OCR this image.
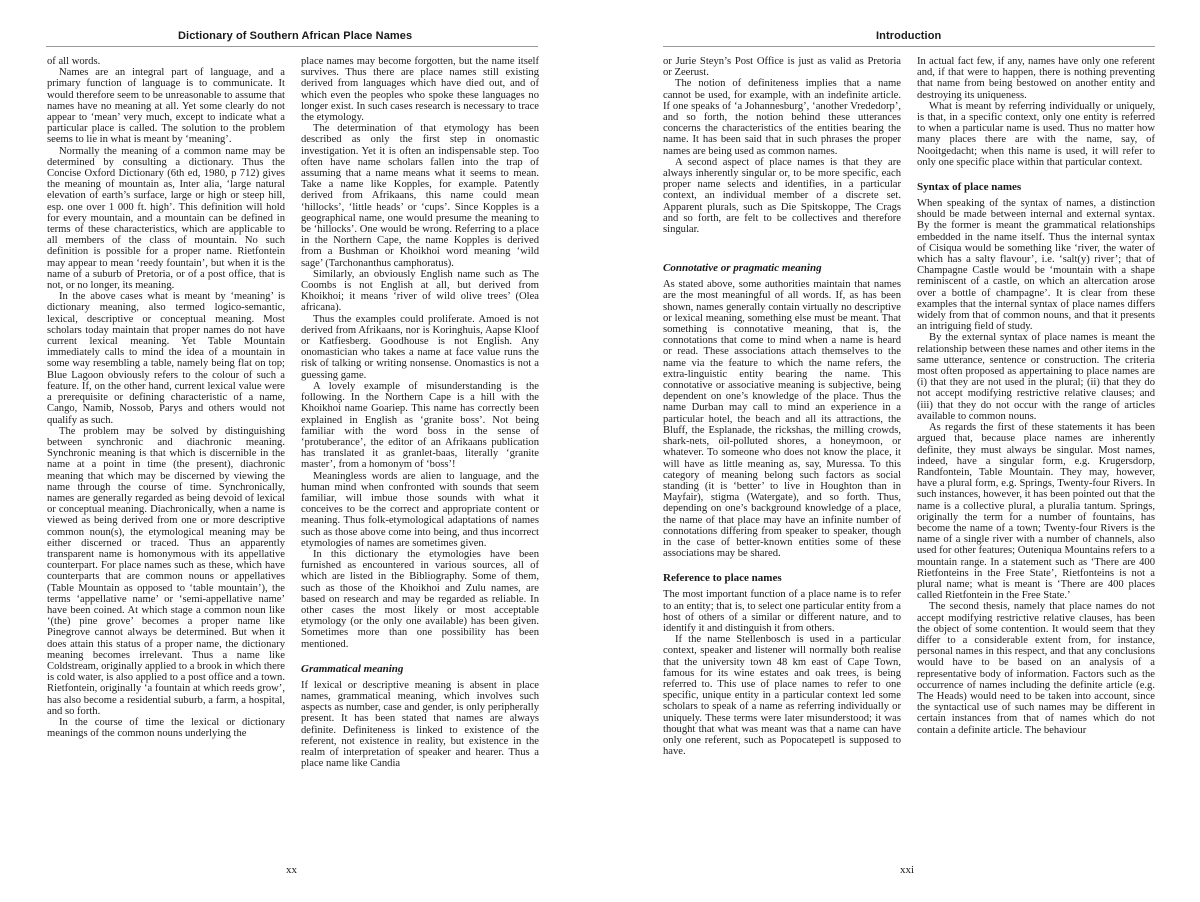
Dictionary of Southern African Place Names

of all words.

Names are an integral part of language, and a primary function of language is to communicate. It would therefore seem to be unreasonable to assume that names have no meaning at all. Yet some clearly do not appear to ‘mean’ very much, except to indicate what a particular place is called. The solution to the problem seems to lie in what is meant by ‘meaning’.

Normally the meaning of a common name may be determined by consulting a dictionary. Thus the Concise Oxford Dictionary (6th ed, 1980, p 712) gives the meaning of mountain as, Inter alia, ‘large natural elevation of earth’s surface, large or high or steep hill, esp. one over 1 000 ft. high’. This definition will hold for every mountain, and a mountain can be defined in terms of these characteristics, which are applicable to all members of the class of mountain. No such definition is possible for a proper name. Rietfontein may appear to mean ‘reedy fountain’, but when it is the name of a suburb of Pretoria, or of a post office, that is not, or no longer, its meaning.

In the above cases what is meant by ‘meaning’ is dictionary meaning, also termed logico-semantic, lexical, descriptive or conceptual meaning. Most scholars today maintain that proper names do not have current lexical meaning. Yet Table Mountain immediately calls to mind the idea of a mountain in some way resembling a table, namely being flat on top; Blue Lagoon obviously refers to the colour of such a feature. If, on the other hand, current lexical value were a prerequisite or defining characteristic of a name, Cango, Namib, Nossob, Parys and others would not qualify as such.

The problem may be solved by distinguishing between synchronic and diachronic meaning. Synchronic meaning is that which is discernible in the name at a point in time (the present), diachronic meaning that which may be discerned by viewing the name through the course of time. Synchronically, names are generally regarded as being devoid of lexical or conceptual meaning. Diachronically, when a name is viewed as being derived from one or more descriptive common noun(s), the etymological meaning may be either discerned or traced. Thus an apparently transparent name is homonymous with its appellative counterpart. For place names such as these, which have counterparts that are common nouns or appellatives (Table Mountain as opposed to ‘table mountain’), the terms ‘appellative name’ or ‘semi-appellative name’ have been coined. At which stage a common noun like ‘(the) pine grove’ becomes a proper name like Pinegrove cannot always be determined. But when it does attain this status of a proper name, the dictionary meaning becomes irrelevant. Thus a name like Coldstream, originally applied to a brook in which there is cold water, is also applied to a post office and a town. Rietfontein, originally ‘a fountain at which reeds grow’, has also become a residential suburb, a farm, a hospital, and so forth.

In the course of time the lexical or dictionary meanings of the common nouns underlying the

place names may become forgotten, but the name itself survives. Thus there are place names still existing derived from languages which have died out, and of which even the peoples who spoke these languages no longer exist. In such cases research is necessary to trace the etymology.

The determination of that etymology has been described as only the first step in onomastic investigation. Yet it is often an indispensable step. Too often have name scholars fallen into the trap of assuming that a name means what it seems to mean. Take a name like Kopples, for example. Patently derived from Afrikaans, this name could mean ‘hillocks’, ‘little heads’ or ‘cups’. Since Kopples is a geographical name, one would presume the meaning to be ‘hillocks’. One would be wrong. Referring to a place in the Northern Cape, the name Kopples is derived from a Bushman or Khoikhoi word meaning ‘wild sage’ (Tarchonanthus camphoratus).

Similarly, an obviously English name such as The Coombs is not English at all, but derived from Khoikhoi; it means ‘river of wild olive trees’ (Olea africana).

Thus the examples could proliferate. Amoed is not derived from Afrikaans, nor is Koringhuis, Aapse Kloof or Katfiesberg. Goodhouse is not English. Any onomastician who takes a name at face value runs the risk of talking or writing nonsense. Onomastics is not a guessing game.

A lovely example of misunderstanding is the following. In the Northern Cape is a hill with the Khoikhoi name Goariep. This name has correctly been explained in English as ‘granite boss’. Not being familiar with the word boss in the sense of ‘protuberance’, the editor of an Afrikaans publication has translated it as granlet-baas, literally ‘granite master’, from a homonym of ‘boss’!

Meaningless words are alien to language, and the human mind when confronted with sounds that seem familiar, will imbue those sounds with what it conceives to be the correct and appropriate content or meaning. Thus folk-etymological adaptations of names such as those above come into being, and thus incorrect etymologies of names are sometimes given.

In this dictionary the etymologies have been furnished as encountered in various sources, all of which are listed in the Bibliography. Some of them, such as those of the Khoikhoi and Zulu names, are based on research and may be regarded as reliable. In other cases the most likely or most acceptable etymology (or the only one available) has been given. Sometimes more than one possibility has been mentioned.

Grammatical meaning

If lexical or descriptive meaning is absent in place names, grammatical meaning, which involves such aspects as number, case and gender, is only peripherally present. It has been stated that names are always definite. Definiteness is linked to existence of the referent, not existence in reality, but existence in the realm of interpretation of speaker and hearer. Thus a place name like Candia

xx
Introduction

or Jurie Steyn’s Post Office is just as valid as Pretoria or Zeerust.

The notion of definiteness implies that a name cannot be used, for example, with an indefinite article. If one speaks of ‘a Johannesburg’, ‘another Vrededorp’, and so forth, the notion behind these utterances concerns the characteristics of the entities bearing the name. It has been said that in such phrases the proper names are being used as common names.

A second aspect of place names is that they are always inherently singular or, to be more specific, each proper name selects and identifies, in a particular context, an individual member of a discrete set. Apparent plurals, such as Die Spitskoppe, The Crags and so forth, are felt to be collectives and therefore singular.

Connotative or pragmatic meaning

As stated above, some authorities maintain that names are the most meaningful of all words. If, as has been shown, names generally contain virtually no descriptive or lexical meaning, something else must be meant. That something is connotative meaning, that is, the connotations that come to mind when a name is heard or read. These associations attach themselves to the name via the feature to which the name refers, the extra-linguistic entity bearing the name. This connotative or associative meaning is subjective, being dependent on one’s knowledge of the place. Thus the name Durban may call to mind an experience in a particular hotel, the beach and all its attractions, the Bluff, the Esplanade, the rickshas, the milling crowds, shark-nets, oil-polluted shores, a honeymoon, or whatever. To someone who does not know the place, it will have as little meaning as, say, Muressa. To this category of meaning belong such factors as social standing (it is ‘better’ to live in Houghton than in Mayfair), stigma (Watergate), and so forth. Thus, depending on one’s background knowledge of a place, the name of that place may have an infinite number of connotations differing from speaker to speaker, though in the case of better-known entities some of these associations may be shared.

Reference to place names

The most important function of a place name is to refer to an entity; that is, to select one particular entity from a host of others of a similar or different nature, and to identify it and distinguish it from others.

If the name Stellenbosch is used in a particular context, speaker and listener will normally both realise that the university town 48 km east of Cape Town, famous for its wine estates and oak trees, is being referred to. This use of place names to refer to one specific, unique entity in a particular context led some scholars to speak of a name as referring individually or uniquely. These terms were later misunderstood; it was thought that what was meant was that a name can have only one referent, such as Popocatepetl is supposed to have.

In actual fact few, if any, names have only one referent and, if that were to happen, there is nothing preventing that name from being bestowed on another entity and destroying its uniqueness.

What is meant by referring individually or uniquely, is that, in a specific context, only one entity is referred to when a particular name is used. Thus no matter how many places there are with the name, say, of Nooitgedacht; when this name is used, it will refer to only one specific place within that particular context.

Syntax of place names

When speaking of the syntax of names, a distinction should be made between internal and external syntax. By the former is meant the grammatical relationships embedded in the name itself. Thus the internal syntax of Cisiqua would be something like ‘river, the water of which has a salty flavour’, i.e. ‘salt(y) river’; that of Champagne Castle would be ‘mountain with a shape reminiscent of a castle, on which an altercation arose over a bottle of champagne’. It is clear from these examples that the internal syntax of place names differs widely from that of common nouns, and that it presents an intriguing field of study.

By the external syntax of place names is meant the relationship between these names and other items in the same utterance, sentence or construction. The criteria most often proposed as appertaining to place names are (i) that they are not used in the plural; (ii) that they do not accept modifying restrictive relative clauses; and (iii) that they do not occur with the range of articles available to common nouns.

As regards the first of these statements it has been argued that, because place names are inherently definite, they must always be singular. Most names, indeed, have a singular form, e.g. Krugersdorp, Randfontein, Table Mountain. They may, however, have a plural form, e.g. Springs, Twenty-four Rivers. In such instances, however, it has been pointed out that the name is a collective plural, a pluralia tantum. Springs, originally the term for a number of fountains, has become the name of a town; Twenty-four Rivers is the name of a single river with a number of channels, also used for other features; Outeniqua Mountains refers to a mountain range. In a statement such as ‘There are 400 Rietfonteins in the Free State’, Rietfonteins is not a plural name; what is meant is ‘There are 400 places called Rietfontein in the Free State.’

The second thesis, namely that place names do not accept modifying restrictive relative clauses, has been the object of some contention. It would seem that they differ to a considerable extent from, for instance, personal names in this respect, and that any conclusions would have to be based on an analysis of a representative body of information. Factors such as the occurrence of names including the definite article (e.g. The Heads) would need to be taken into account, since the syntactical use of such names may be different in certain instances from that of names which do not contain a definite article. The behaviour

xxi
